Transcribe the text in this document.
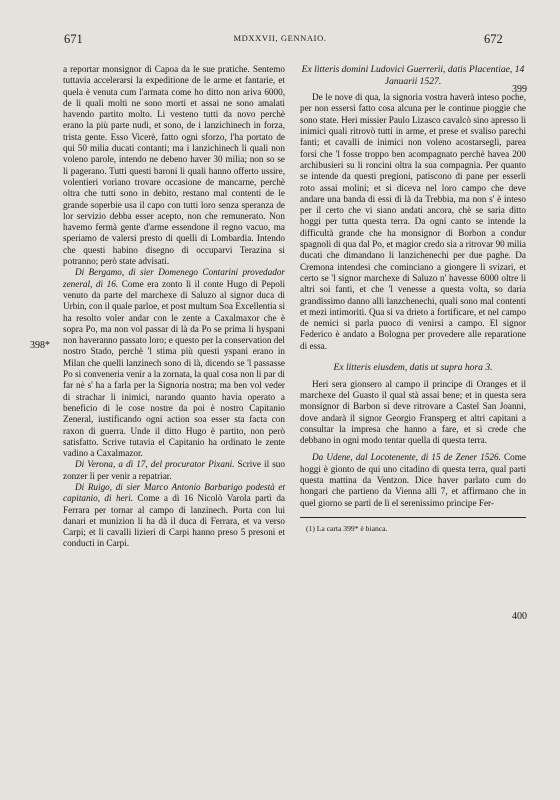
671	MDXXVII, GENNAIO.	672
398*
399
400

a reportar monsignor di Capoa da le sue pratiche. Sentemo tuttavia accelerarsi la expeditione de le arme et fantarie, et quela è venuta cum l'armata come ho ditto non ariva 6000, de li quali molti ne sono morti et assai ne sono amalati havendo partito molto. Li vesteno tutti da novo perchè erano la più parte nudi, et sono, de i lanzichinech in forza, trista gente. Esso Vicerè, fatto ogni sforzo, l'ha portato de qui 50 milia ducati contanti; ma i lanzichinech li quali non voleno parole, intendo ne debeno haver 30 milia; non so se li pagerano. Tutti questi baroni li quali hanno offerto ussire, volentieri voriano trovare occasione de mancarne, perchè oltra che tutti sono in debito, restano mal contenti de le grande soperbie usa il capo con tutti loro senza speranza de lor servizio debba esser acepto, non che remunerato. Non havemo fermà gente d'arme essendone il regno vacuo, ma speriamo de valersi presto di quelli di Lombardia. Intendo che questi habino disegno di occuparvi Terazina si potranno; però state advisati.

Di Bergamo, di sier Domenego Contarini provedador zeneral, di 16. Come era zonto lì il conte Hugo di Pepoli venuto da parte del marchexe di Saluzo al signor duca di Urbin, con il quale parloe, et post multum Soa Excellentia si ha resolto voler andar con le zente a Caxalmaxor che è sopra Po, ma non vol passar di là da Po se prima li hyspani non haveranno passato loro; e questo per la conservation del nostro Stado, perchè 'l stima più questi yspani erano in Milan che quelli lanzinech sono di là, dicendo se 'l passasse Po si conveneria venir a la zornata, la qual cosa non li par di far nè s' ha a farla per la Signoria nostra; ma ben vol veder di strachar li inimici, narando quanto havia operato a beneficio di le cose nostre da poi è nostro Capitanio Zeneral, iustificando ogni action soa esser sta facta con raxon di guerra. Unde il ditto Hugo è partito, non però satisfatto. Scrive tutavia el Capitanio ha ordinato le zente vadino a Caxalmazor.

Di Verona, a dì 17, del procurator Pixani. Scrive il suo zonzer lì per venir a repatriar.

Di Ruigo, di sier Marco Antonio Barbarigo podestà et capitanio, di heri. Come a dì 16 Nicolò Varola partì da Ferrara per tornar al campo di lanzinech. Porta con lui danari et munizion li ha dà il duca di Ferrara, et va verso Carpi; et li cavalli lizieri di Carpi hanno preso 5 presoni et conducti in Carpi.

Ex litteris domini Ludovici Guerrerii, datis Placentiae, 14 Januarii 1527.

De le nove di qua, la signoria vostra haverà inteso poche, per non essersi fatto cosa alcuna per le continue pioggie che sono state. Heri missier Paulo Lizasco cavalcò sino apresso li inimici quali ritrovò tutti in arme, et prese et svaliso parechi fanti; et cavalli de inimici non voleno acostarseglì, parea forsi che 'l fosse troppo ben acompagnato perchè havea 200 archibusieri su li roncini oltra la sua compagnia. Per quanto se intende da questi pregioni, patiscono di pane per esserli roto assai molini; et si diceva nel loro campo che deve andare una banda di essi di là da Trebbia, ma non s' è inteso per il certo che vi siano andati ancora, chè se saria ditto hoggi per tutta questa terra. Da ogni canto se intende la difficultà grande che ha monsignor di Borbon a condur spagnoli di qua dal Po, et magior credo sia a ritrovar 90 milia ducati che dimandano li lanzichenechi per due paghe. Da Cremona intendesi che cominciano a giongere li svizari, et certo se 'l signor marchexe di Saluzo n' havesse 6000 oltre li altri soi fanti, et che 'l venesse a questa volta, so daria grandissimo danno alli lanzchenechi, quali sono mal contenti et mezi intimoriti. Qua si va drieto a fortificare, et nel campo de nemici si parla puoco di venirsi a campo. El signor Federico è andato a Bologna per provedere alle reparatione di essa.

Ex litteris eiusdem, datis ut supra hora 3.

Heri sera gionsero al campo il principe di Oranges et il marchexe del Guasto il qual stà assai bene; et in questa sera monsignor di Barbon si deve ritrovare a Castel San Joanni, dove andarà il signor Georgio Fransperg et altri capitani a consultar la impresa che hanno a fare, et si crede che debbano in ogni modo tentar quella di questa terra.

Da Udene, dal Locotenente, di 15 de Zener 1526. Come hoggi è gionto de qui uno citadino di questa terra, qual parti questa mattina da Ventzon. Dice haver parlato cum do hongari che partieno da Vienna alli 7, et affirmano che in quel giorno se partì de lì el serenissimo principe Fer-

(1) La carta 399* è bianca.
